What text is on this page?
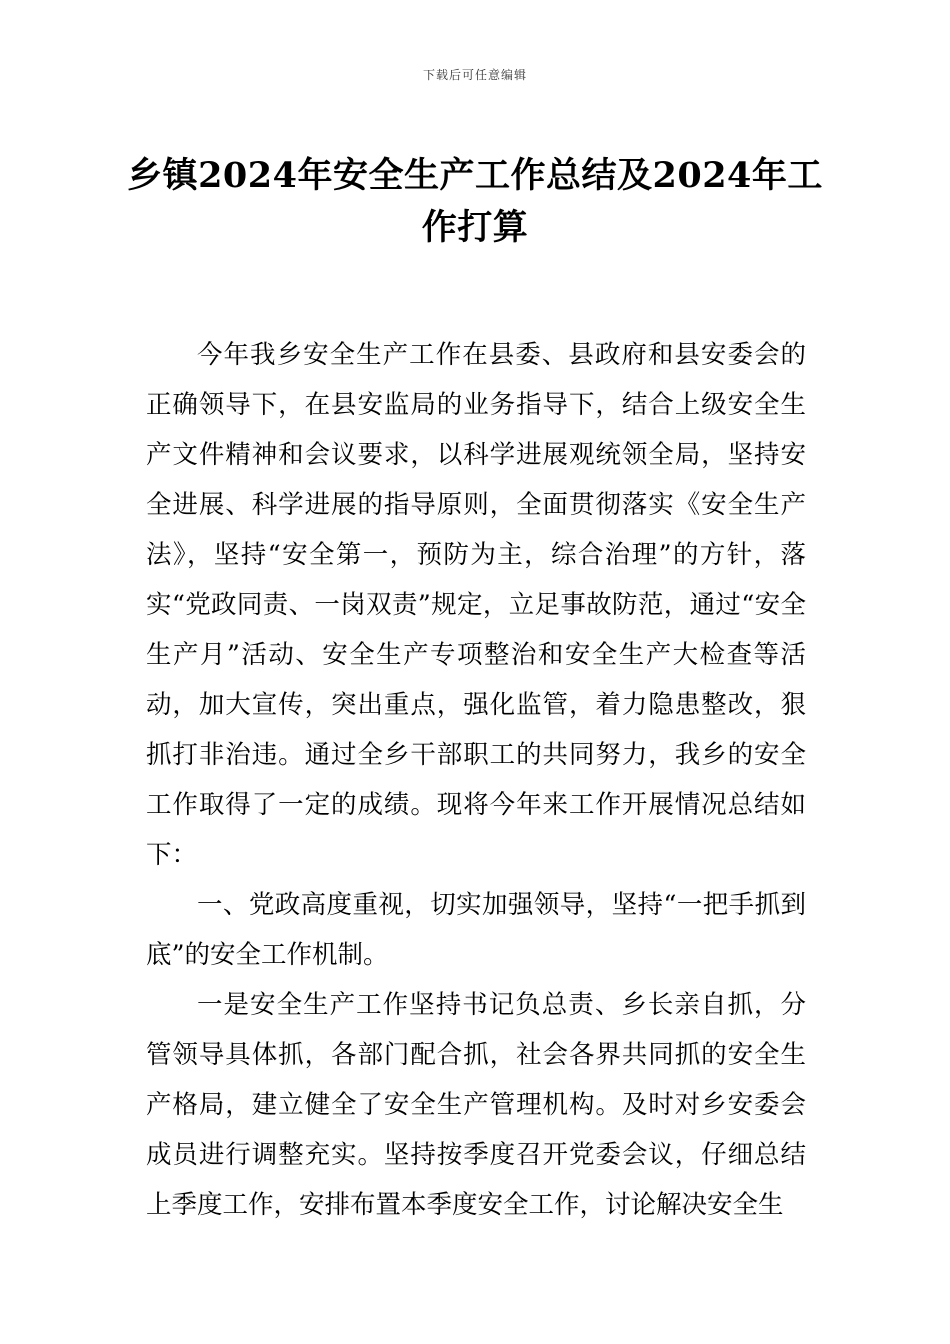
下载后可任意编辑
乡镇2024年安全生产工作总结及2024年工作打算

今年我乡安全生产工作在县委、县政府和县安委会的正确领导下，在县安监局的业务指导下，结合上级安全生产文件精神和会议要求，以科学进展观统领全局，坚持安全进展、科学进展的指导原则，全面贯彻落实《安全生产法》，坚持“安全第一，预防为主，综合治理”的方针，落实“党政同责、一岗双责”规定，立足事故防范，通过“安全生产月”活动、安全生产专项整治和安全生产大检查等活动，加大宣传，突出重点，强化监管，着力隐患整改，狠抓打非治违。通过全乡干部职工的共同努力，我乡的安全工作取得了一定的成绩。现将今年来工作开展情况总结如下：

一、党政高度重视，切实加强领导，坚持“一把手抓到底”的安全工作机制。

一是安全生产工作坚持书记负总责、乡长亲自抓，分管领导具体抓，各部门配合抓，社会各界共同抓的安全生产格局，建立健全了安全生产管理机构。及时对乡安委会成员进行调整充实。坚持按季度召开党委会议，仔细总结上季度工作，安排布置本季度安全工作，讨论解决安全生
